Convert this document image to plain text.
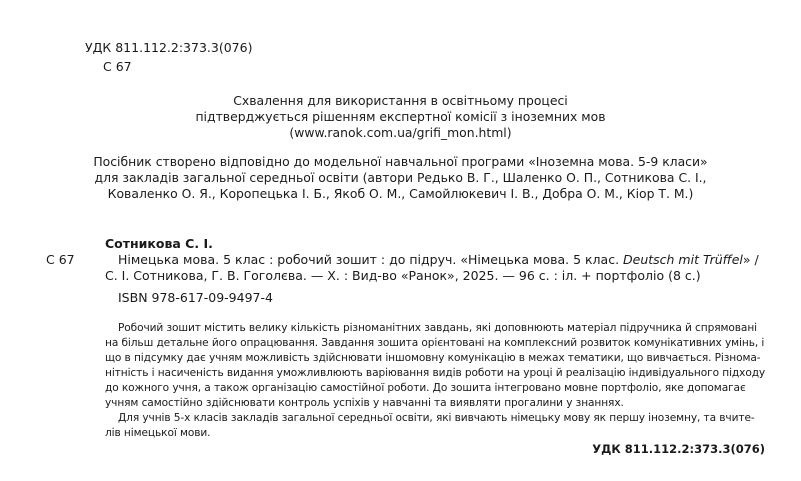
УДК 811.112.2:373.3(076)
С 67
Схвалення для використання в освітньому процесі
підтверджується рішенням експертної комісії з іноземних мов
(www.ranok.com.ua/grifi_mon.html)
Посібник створено відповідно до модельної навчальної програми «Іноземна мова. 5-9 класи»
для закладів загальної середньої освіти (автори Редько В. Г., Шаленко О. П., Сотникова С. І.,
Коваленко О. Я., Коропецька І. Б., Якоб О. М., Самойлюкевич І. В., Добра О. М., Кіор Т. М.)
Сотникова С. І.
С 67	Німецька мова. 5 клас : робочий зошит : до підруч. «Німецька мова. 5 клас. Deutsch mit Trüffel» /
С. І. Сотникова, Г. В. Гоголєва. — Х. : Вид-во «Ранок», 2025. — 96 с. : іл. + портфоліо (8 с.)
ISBN 978-617-09-9497-4
Робочий зошит містить велику кількість різноманітних завдань, які доповнюють матеріал підручника й спрямовані
на більш детальне його опрацювання. Завдання зошита орієнтовані на комплексний розвиток комунікативних умінь, і
що в підсумку дає учням можливість здійснювати іншомовну комунікацію в межах тематики, що вивчається. Різнома-
нітність і насиченість видання уможливлюють варіювання видів роботи на уроці й реалізацію індивідуального підходу
до кожного учня, а також організацію самостійної роботи. До зошита інтегровано мовне портфоліо, яке допомагає
учням самостійно здійснювати контроль успіхів у навчанні та виявляти прогалини у знаннях.
Для учнів 5-х класів закладів загальної середньої освіти, які вивчають німецьку мову як першу іноземну, та вчите-
лів німецької мови.
УДК 811.112.2:373.3(076)
